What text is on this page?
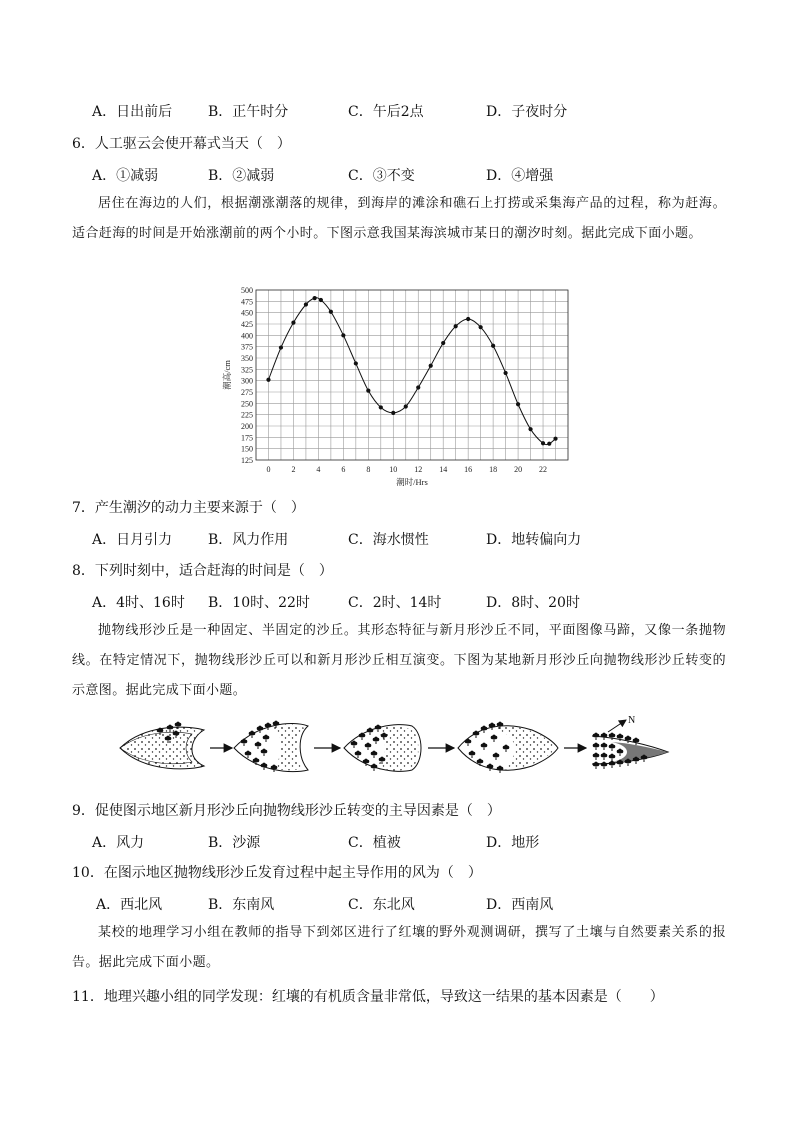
A．日出前后	B．正午时分	C．午后2点	D．子夜时分
6．人工驱云会使开幕式当天（　）
A．①减弱	B．②减弱	C．③不变	D．④增强
居住在海边的人们，根据潮涨潮落的规律，到海岸的滩涂和礁石上打捞或采集海产品的过程，称为赶海。适合赶海的时间是开始涨潮前的两个小时。下图示意我国某海滨城市某日的潮汐时刻。据此完成下面小题。
125
150
175
200
225
250
275
300
325
350
375
400
425
450
475
500
0	2	4	6	8 10 12 14 16 18 20 22
潮时/Hrs
潮高/cm
7．产生潮汐的动力主要来源于（　）
A．日月引力	B．风力作用	C．海水惯性	D．地转偏向力
8．下列时刻中，适合赶海的时间是（　）
A．4时、16时 B．10时、22时	C．2时、14时	D．8时、20时
抛物线形沙丘是一种固定、半固定的沙丘。其形态特征与新月形沙丘不同，平面图像马蹄，又像一条抛物线。在特定情况下，抛物线形沙丘可以和新月形沙丘相互演变。下图为某地新月形沙丘向抛物线形沙丘转变的示意图。据此完成下面小题。
N
9．促使图示地区新月形沙丘向抛物线形沙丘转变的主导因素是（　）
A．风力	B．沙源	C．植被	D．地形
10．在图示地区抛物线形沙丘发育过程中起主导作用的风为（　）
A．西北风	B．东南风	C．东北风	D．西南风
某校的地理学习小组在教师的指导下到郊区进行了红壤的野外观测调研，撰写了土壤与自然要素关系的报告。据此完成下面小题。
11．地理兴趣小组的同学发现：红壤的有机质含量非常低，导致这一结果的基本因素是（　　）
